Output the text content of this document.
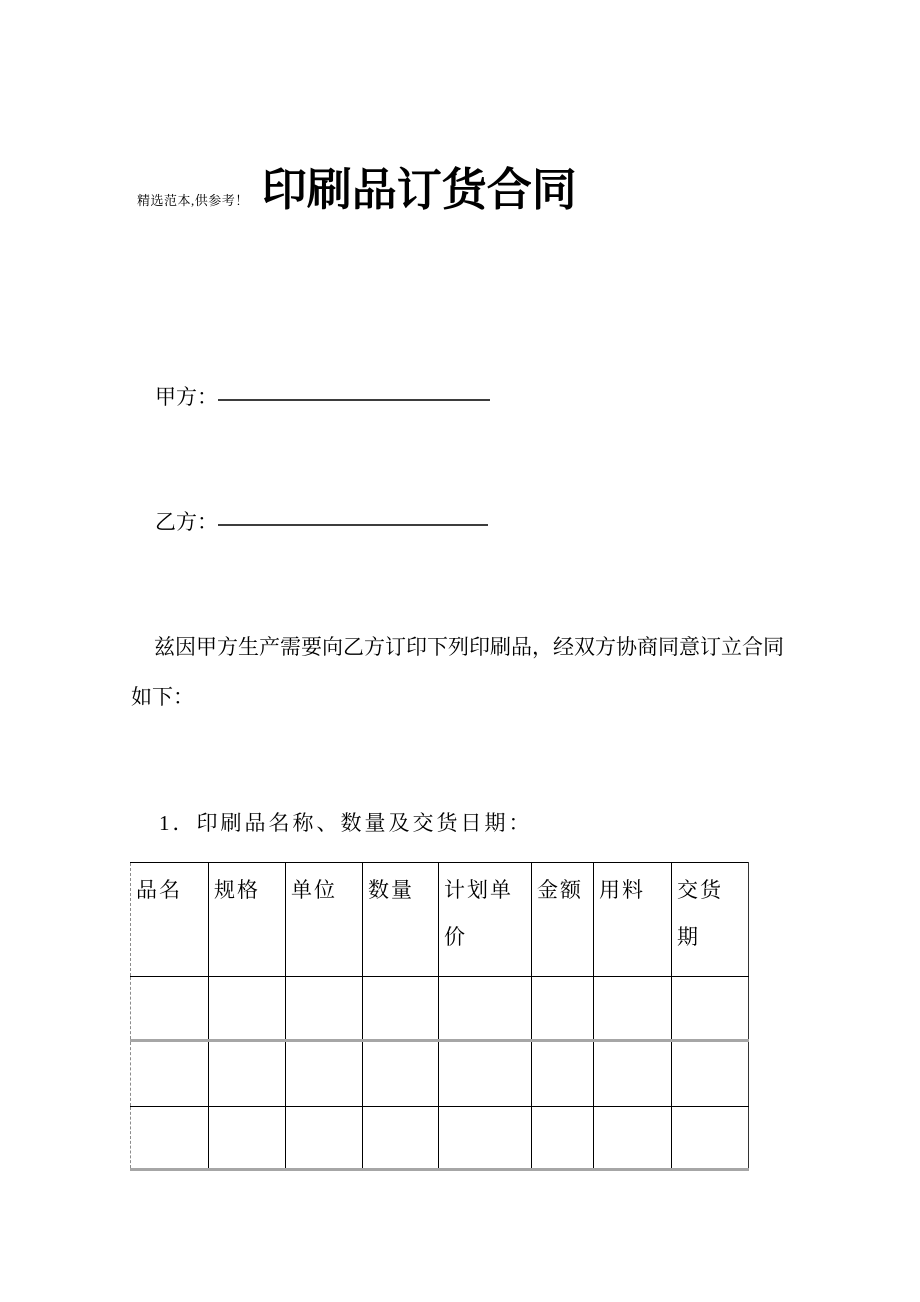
精选范本,供参考！ 印刷品订货合同
甲方：
乙方：

兹因甲方生产需要向乙方订印下列印刷品，经双方协商同意订立合同
如下：

1．印刷品名称、数量及交货日期：
品名	规格	单位	数量	计划单价	金额	用料	交货期
